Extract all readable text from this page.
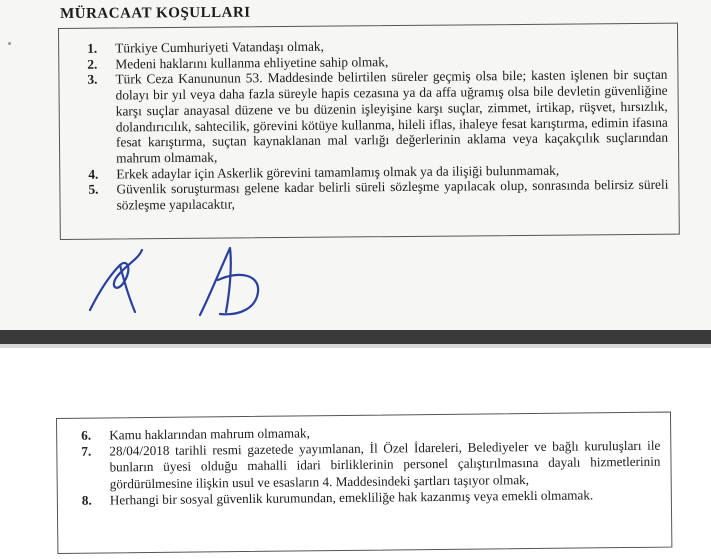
MÜRACAAT KOŞULLARI
1. Türkiye Cumhuriyeti Vatandaşı olmak,
2. Medeni haklarını kullanma ehliyetine sahip olmak,
3. Türk Ceza Kanununun 53. Maddesinde belirtilen süreler geçmiş olsa bile; kasten işlenen bir suçtan dolayı bir yıl veya daha fazla süreyle hapis cezasına ya da affa uğramış olsa bile devletin güvenliğine karşı suçlar anayasal düzene ve bu düzenin işleyişine karşı suçlar, zimmet, irtikap, rüşvet, hırsızlık, dolandırıcılık, sahtecilik, görevini kötüye kullanma, hileli iflas, ihaleye fesat karıştırma, edimin ifasına fesat karıştırma, suçtan kaynaklanan mal varlığı değerlerinin aklama veya kaçakçılık suçlarından mahrum olmamak,
4. Erkek adaylar için Askerlik görevini tamamlamış olmak ya da ilişiği bulunmamak,
5. Güvenlik soruşturması gelene kadar belirli süreli sözleşme yapılacak olup, sonrasında belirsiz süreli sözleşme yapılacaktır,
6. Kamu haklarından mahrum olmamak,
7. 28/04/2018 tarihli resmi gazetede yayımlanan, İl Özel İdareleri, Belediyeler ve bağlı kuruluşları ile bunların üyesi olduğu mahalli idari birliklerinin personel çalıştırılmasına dayalı hizmetlerinin gördürülmesine ilişkin usul ve esasların 4. Maddesindeki şartları taşıyor olmak,
8. Herhangi bir sosyal güvenlik kurumundan, emekliliğe hak kazanmış veya emekli olmamak.
